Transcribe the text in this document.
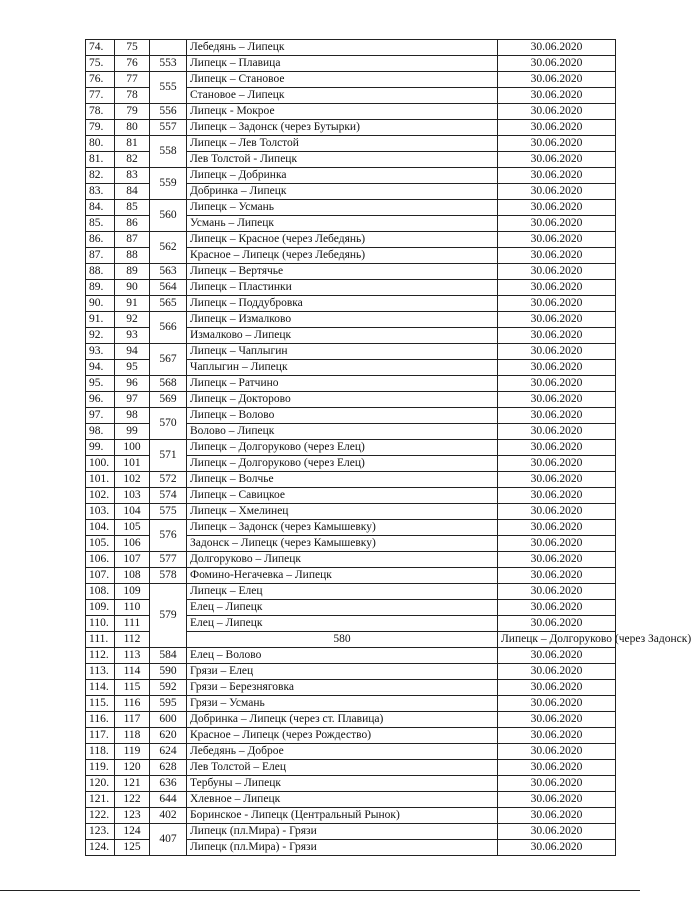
74.	75		Лебедянь – Липецк	30.06.2020	
75.	76	553	Липецк – Плавица	30.06.2020	
76.	77	555	Липецк – Становое	30.06.2020	
77.	78		Становое – Липецк	30.06.2020	
78.	79	556	Липецк - Мокрое	30.06.2020	
79.	80	557	Липецк – Задонск (через Бутырки)	30.06.2020	
80.	81	558	Липецк – Лев Толстой	30.06.2020	
81.	82		Лев Толстой - Липецк	30.06.2020	
82.	83	559	Липецк – Добринка	30.06.2020	
83.	84		Добринка – Липецк	30.06.2020	
84.	85	560	Липецк – Усмань	30.06.2020	
85.	86		Усмань – Липецк	30.06.2020	
86.	87	562	Липецк – Красное (через Лебедянь)	30.06.2020	
87.	88		Красное – Липецк (через Лебедянь)	30.06.2020	
88.	89	563	Липецк – Вертячье	30.06.2020	
89.	90	564	Липецк – Пластинки	30.06.2020	
90.	91	565	Липецк – Поддубровка	30.06.2020	
91.	92	566	Липецк – Измалково	30.06.2020	
92.	93		Измалково – Липецк	30.06.2020	
93.	94	567	Липецк – Чаплыгин	30.06.2020	
94.	95		Чаплыгин – Липецк	30.06.2020	
95.	96	568	Липецк – Ратчино	30.06.2020	
96.	97	569	Липецк – Докторово	30.06.2020	
97.	98	570	Липецк – Волово	30.06.2020	
98.	99		Волово – Липецк	30.06.2020	
99.	100	571	Липецк – Долгоруково (через Елец)	30.06.2020	
100.	101		Липецк – Долгоруково (через Елец)	30.06.2020	
101.	102	572	Липецк – Волчье	30.06.2020	
102.	103	574	Липецк – Савицкое	30.06.2020	
103.	104	575	Липецк – Хмелинец	30.06.2020	
104.	105	576	Липецк – Задонск (через Камышевку)	30.06.2020	
105.	106		Задонск – Липецк (через Камышевку)	30.06.2020	
106.	107	577	Долгоруково – Липецк	30.06.2020	
107.	108	578	Фомино-Негачевка – Липецк	30.06.2020	
108.	109	579	Липецк – Елец	30.06.2020	
109.	110		Елец – Липецк	30.06.2020	
110.	111		Елец – Липецк	30.06.2020	
111.	112		580	Липецк – Долгоруково (через Задонск)	
112.	113	584	Елец – Волово	30.06.2020	
113.	114	590	Грязи – Елец	30.06.2020	
114.	115	592	Грязи – Березняговка	30.06.2020	
115.	116	595	Грязи – Усмань	30.06.2020	
116.	117	600	Добринка – Липецк (через ст. Плавица)	30.06.2020	
117.	118	620	Красное – Липецк (через Рождество)	30.06.2020	
118.	119	624	Лебедянь – Доброе	30.06.2020	
119.	120	628	Лев Толстой – Елец	30.06.2020	
120.	121	636	Тербуны – Липецк	30.06.2020	
121.	122	644	Хлевное – Липецк	30.06.2020	
122.	123	402	Боринское - Липецк (Центральный Рынок)	30.06.2020	
123.	124	407	Липецк (пл.Мира) - Грязи	30.06.2020	
124.	125		Липецк (пл.Мира) - Грязи	30.06.2020	
